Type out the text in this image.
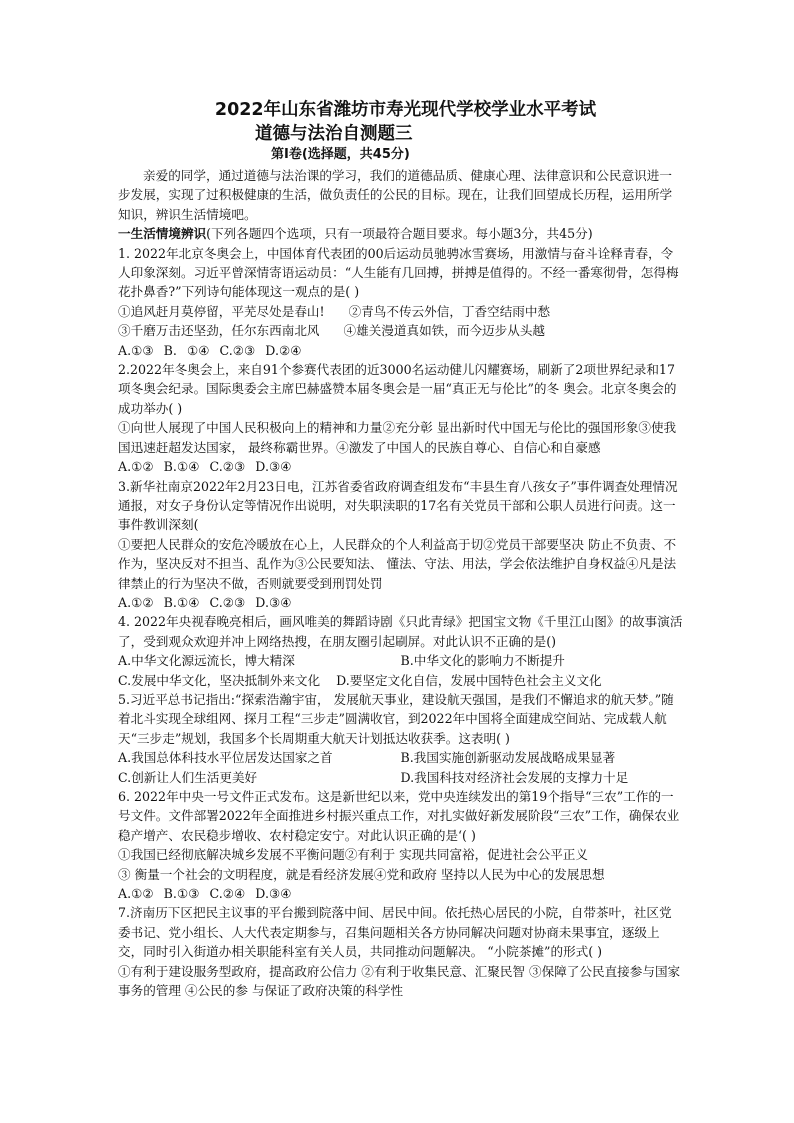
2022年山东省潍坊市寿光现代学校学业水平考试

道德与法治自测题三

第Ⅰ卷(选择题，共45分)

亲爱的同学，通过道德与法治课的学习，我们的道德品质、健康心理、法律意识和公民意识进一步发展，实现了过积极健康的生活，做负责任的公民的目标。现在，让我们回望成长历程，运用所学知识，辨识生活情境吧。

一生活情境辨识(下列各题四个选项，只有一项最符合题目要求。每小题3分，共45分)

1. 2022年北京冬奥会上，中国体育代表团的00后运动员驰骋冰雪赛场，用激情与奋斗诠释青春，令人印象深刻。习近平曾深情寄语运动员：“人生能有几回搏，拼搏是值得的。不经一番寒彻骨，怎得梅花扑鼻香?”下列诗句能体现这一观点的是( )

①追风赶月莫停留，平芜尽处是春山! ②青鸟不传云外信，丁香空结雨中愁

③千磨万击还坚劲，任尔东西南北风 ④雄关漫道真如铁，而今迈步从头越

A.①③ B. ①④ C.②③ D.②④

2.2022年冬奥会上，来自91个参赛代表团的近3000名运动健儿闪耀赛场，刷新了2项世界纪录和17项冬奥会纪录。国际奥委会主席巴赫盛赞本届冬奥会是一届“真正无与伦比”的冬 奥会。北京冬奥会的成功举办( )

①向世人展现了中国人民积极向上的精神和力量②充分彰 显出新时代中国无与伦比的强国形象③使我国迅速赶超发达国家， 最终称霸世界。④激发了中国人的民族自尊心、自信心和自豪感

A.①② B.①④ C.②③ D.③④

3.新华社南京2022年2月23日电，江苏省委省政府调查组发布“丰县生育八孩女子”事件调查处理情况通报，对女子身份认定等情况作出说明，对失职渎职的17名有关党员干部和公职人员进行问责。这一事件教训深刻(

①要把人民群众的安危冷暖放在心上，人民群众的个人利益高于切②党员干部要坚决 防止不负责、不作为，坚决反对不担当、乱作为③公民要知法、 懂法、守法、用法，学会依法维护自身权益④凡是法律禁止的行为坚决不做，否则就要受到刑罚处罚

A.①② B.①④ C.②③ D.③④

4. 2022年央视春晚亮相后，画风唯美的舞蹈诗剧《只此青绿》把国宝文物《千里江山图》的故事演活了，受到观众欢迎并冲上网络热搜，在朋友圈引起刷屏。对此认识不正确的是()

A.中华文化源远流长，博大精深	B.中华文化的影响力不断提升

C.发展中华文化，坚决抵制外来文化 D.要坚定文化自信，发展中国特色社会主义文化

5.习近平总书记指出:“探索浩瀚宇宙， 发展航天事业，建设航天强国，是我们不懈追求的航天梦。”随着北斗实现全球组网、探月工程“三步走”圆满收官，到2022年中国将全面建成空间站、完成载人航天“三步走”规划，我国多个长周期重大航天计划抵达收获季。这表明( )

A.我国总体科技水平位居发达国家之首	B.我国实施创新驱动发展战略成果显著

C.创新让人们生活更美好	D.我国科技对经济社会发展的支撑力十足

6. 2022年中央一号文件正式发布。这是新世纪以来，党中央连续发出的第19个指导“三农”工作的一号文件。文件部署2022年全面推进乡村振兴重点工作，对扎实做好新发展阶段“三农”工作，确保农业稳产增产、农民稳步增收、农村稳定安宁。对此认识正确的是‘( )

①我国已经彻底解决城乡发展不平衡问题②有利于 实现共同富裕，促进社会公平正义

③ 衡量一个社会的文明程度，就是看经济发展④党和政府 坚持以人民为中心的发展思想

A.①② B.①③ C.②④ D.③④

7.济南历下区把民主议事的平台搬到院落中间、居民中间。依托热心居民的小院，自带茶叶，社区党委书记、党小组长、人大代表定期参与，召集问题相关各方协同解决问题对协商未果事宜，逐级上交，同时引入街道办相关职能科室有关人员，共同推动问题解决。 “小院茶摊”的形式( )

①有利于建设服务型政府，提高政府公信力 ②有利于收集民意、汇聚民智 ③保障了公民直接参与国家事务的管理 ④公民的参 与保证了政府决策的科学性
